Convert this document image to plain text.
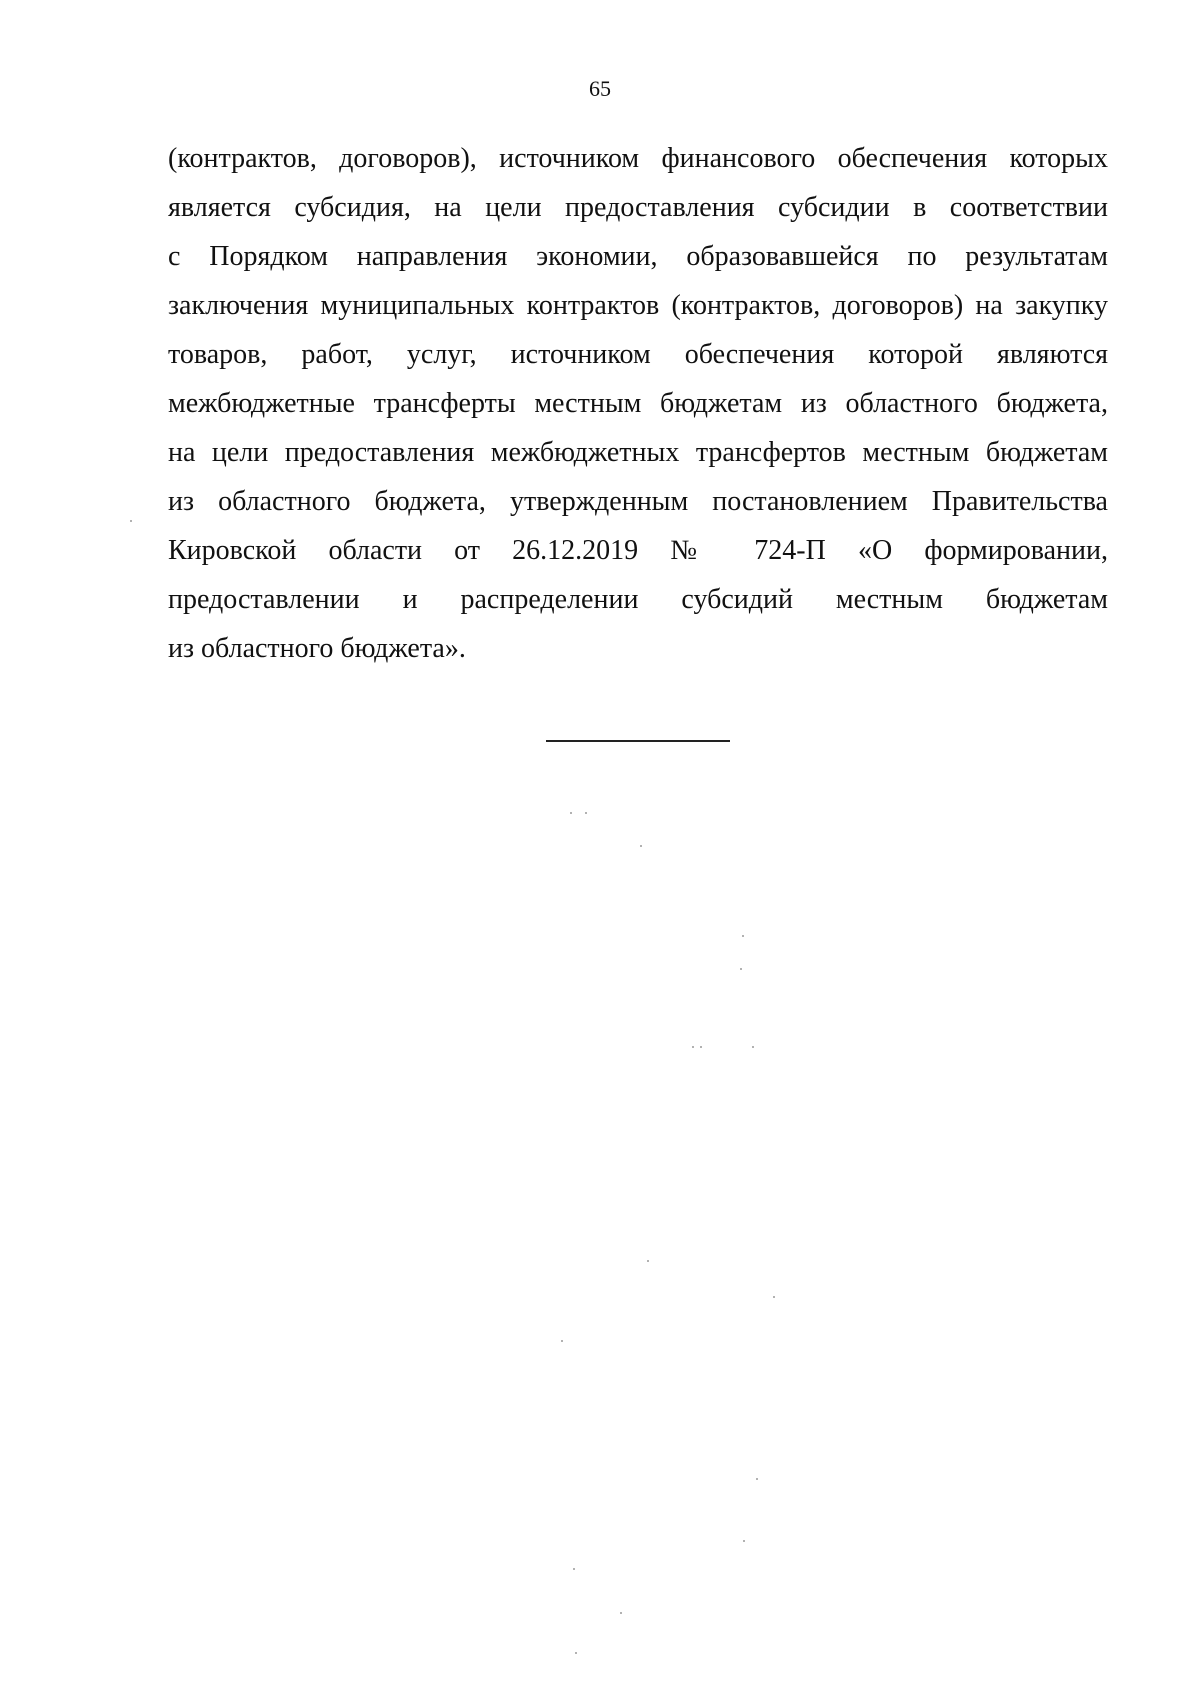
65
(контрактов, договоров), источником финансового обеспечения которых
является субсидия, на цели предоставления субсидии в соответствии
с Порядком направления экономии, образовавшейся по результатам
заключения муниципальных контрактов (контрактов, договоров) на закупку
товаров, работ, услуг, источником обеспечения которой являются
межбюджетные трансферты местным бюджетам из областного бюджета,
на цели предоставления межбюджетных трансфертов местным бюджетам
из областного бюджета, утвержденным постановлением Правительства
Кировской области от 26.12.2019 № 724-П «О формировании,
предоставлении и распределении субсидий местным бюджетам
из областного бюджета».
